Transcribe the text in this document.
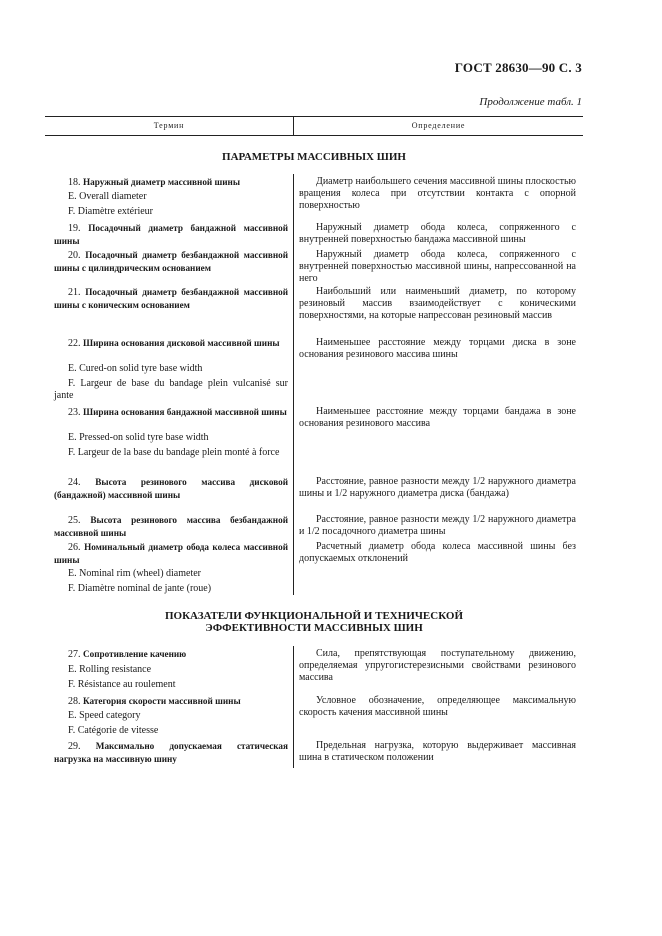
ГОСТ 28630—90 С. 3
Продолжение табл. 1
Термин	Определение
ПАРАМЕТРЫ МАССИВНЫХ ШИН
18. Наружный диаметр массивной шины
E. Overall diameter
F. Diamètre extérieur
Диаметр наибольшего сечения массивной шины плоскостью вращения колеса при отсутствии контакта с опорной поверхностью
19. Посадочный диаметр бандажной массивной шины
Наружный диаметр обода колеса, сопряженного с внутренней поверхностью бандажа массивной шины
20. Посадочный диаметр безбандажной массивной шины с цилиндрическим основанием
Наружный диаметр обода колеса, сопряженного с внутренней поверхностью массивной шины, напрессованной на него
21. Посадочный диаметр безбандажной массивной шины с коническим основанием
Наибольший или наименьший диаметр, по которому резиновый массив взаимодействует с коническими поверхностями, на которые напрессован резиновый массив
22. Ширина основания дисковой массивной шины
E. Cured-on solid tyre base width
F. Largeur de base du bandage plein vulcanisé sur jante
Наименьшее расстояние между торцами диска в зоне основания резинового массива шины
23. Ширина основания бандажной массивной шины
E. Pressed-on solid tyre base width
F. Largeur de la base du bandage plein monté à force
Наименьшее расстояние между торцами бандажа в зоне основания резинового массива
24. Высота резинового массива дисковой (бандажной) массивной шины
Расстояние, равное разности между 1/2 наружного диаметра шины и 1/2 наружного диаметра диска (бандажа)
25. Высота резинового массива безбандажной массивной шины
Расстояние, равное разности между 1/2 наружного диаметра и 1/2 посадочного диаметра шины
26. Номинальный диаметр обода колеса массивной шины
E. Nominal rim (wheel) diameter
F. Diamètre nominal de jante (roue)
Расчетный диаметр обода колеса массивной шины без допускаемых отклонений
ПОКАЗАТЕЛИ ФУНКЦИОНАЛЬНОЙ И ТЕХНИЧЕСКОЙ
ЭФФЕКТИВНОСТИ МАССИВНЫХ ШИН
27. Сопротивление качению
E. Rolling resistance
F. Résistance au roulement
Сила, препятствующая поступательному движению, определяемая упругогистерезисными свойствами резинового массива
28. Категория скорости массивной шины
E. Speed category
F. Catégorie de vitesse
Условное обозначение, определяющее максимальную скорость качения массивной шины
29. Максимально допускаемая статическая нагрузка на массивную шину
Предельная нагрузка, которую выдерживает массивная шина в статическом положении
